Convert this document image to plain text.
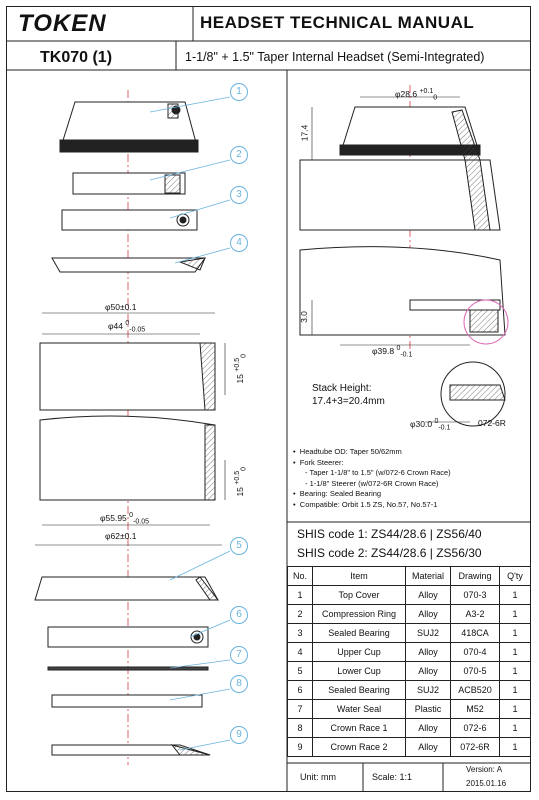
TOKEN	HEADSET TECHNICAL MANUAL
TK070 (1)	1-1/8" + 1.5" Taper Internal Headset (Semi-Integrated)
1
2
3
4
5
6
7
8
9
φ28.6 $^{+0.1}_0$
17.4
3.0
φ39.8 $^0_{-0.1}$
φ50±0.1
φ44 $^0_{-0.05}$
15 $^{+0.5}_0$
15 $^{+0.5}_0$
φ55.95 $^0_{-0.05}$
φ62±0.1
φ30.0 $^0_{-0.1}$
072-6R
Stack Height:
17.4+3=20.4mm
•  Headtube OD: Taper 50/62mm
•  Fork Steerer:
- Taper 1-1/8" to 1.5" (w/072-6 Crown Race)
- 1-1/8" Steerer (w/072-6R Crown Race)
•  Bearing: Sealed Bearing
•  Compatible: Orbit 1.5 ZS, No.57, No.57-1
SHIS code 1: ZS44/28.6 | ZS56/40
SHIS code 2: ZS44/28.6 | ZS56/30
No.	Item	Material	Drawing	Q'ty
1	Top Cover	Alloy	070-3	1
2	Compression Ring	Alloy	A3-2	1
3	Sealed Bearing	SUJ2	418CA	1
4	Upper Cup	Alloy	070-4	1
5	Lower Cup	Alloy	070-5	1
6	Sealed Bearing	SUJ2	ACB520	1
7	Water Seal	Plastic	M52	1
8	Crown Race 1	Alloy	072-6	1
9	Crown Race 2	Alloy	072-6R	1
Unit: mm	Scale: 1:1
Version: A
2015.01.16
